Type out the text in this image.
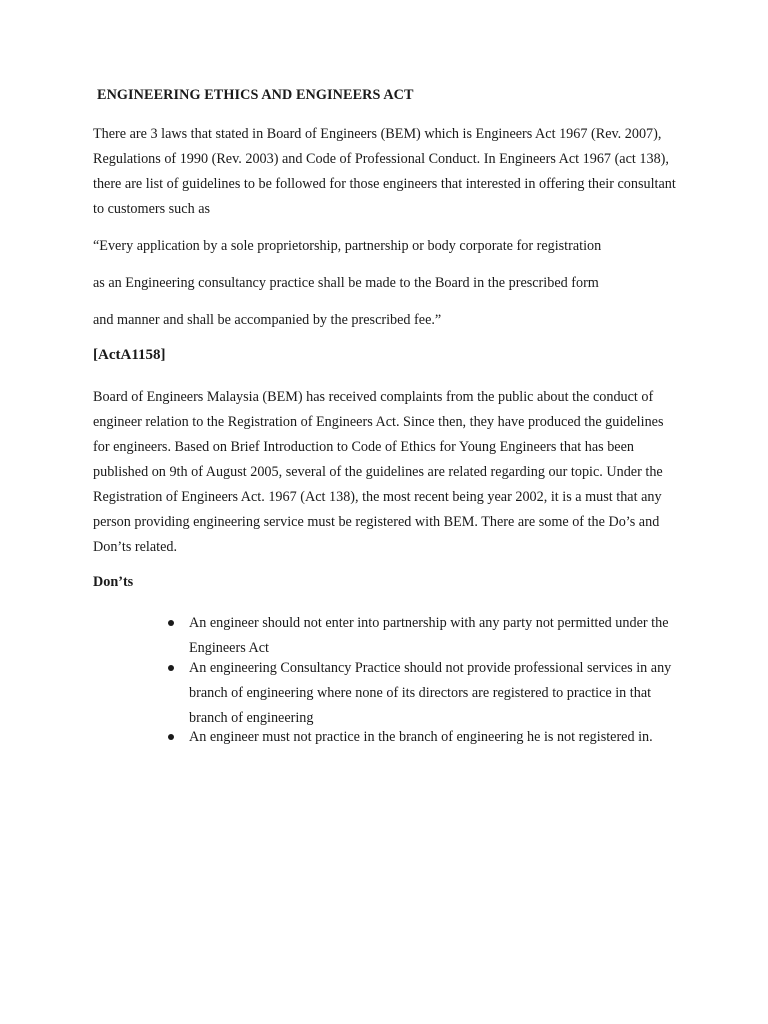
ENGINEERING ETHICS AND ENGINEERS ACT

There are 3 laws that stated in Board of Engineers (BEM) which is Engineers Act 1967 (Rev. 2007), Regulations of 1990 (Rev. 2003) and Code of Professional Conduct. In Engineers Act 1967 (act 138), there are list of guidelines to be followed for those engineers that interested in offering their consultant to customers such as

“Every application by a sole proprietorship, partnership or body corporate for registration
as an Engineering consultancy practice shall be made to the Board in the prescribed form
and manner and shall be accompanied by the prescribed fee.”
[ActA1158]

Board of Engineers Malaysia (BEM) has received complaints from the public about the conduct of engineer relation to the Registration of Engineers Act. Since then, they have produced the guidelines for engineers. Based on Brief Introduction to Code of Ethics for Young Engineers that has been published on 9th of August 2005, several of the guidelines are related regarding our topic. Under the Registration of Engineers Act. 1967 (Act 138), the most recent being year 2002, it is a must that any person providing engineering service must be registered with BEM. There are some of the Do’s and Don’ts related.

Don’ts
An engineer should not enter into partnership with any party not permitted under the Engineers Act
An engineering Consultancy Practice should not provide professional services in any branch of engineering where none of its directors are registered to practice in that branch of engineering
An engineer must not practice in the branch of engineering he is not registered in.
